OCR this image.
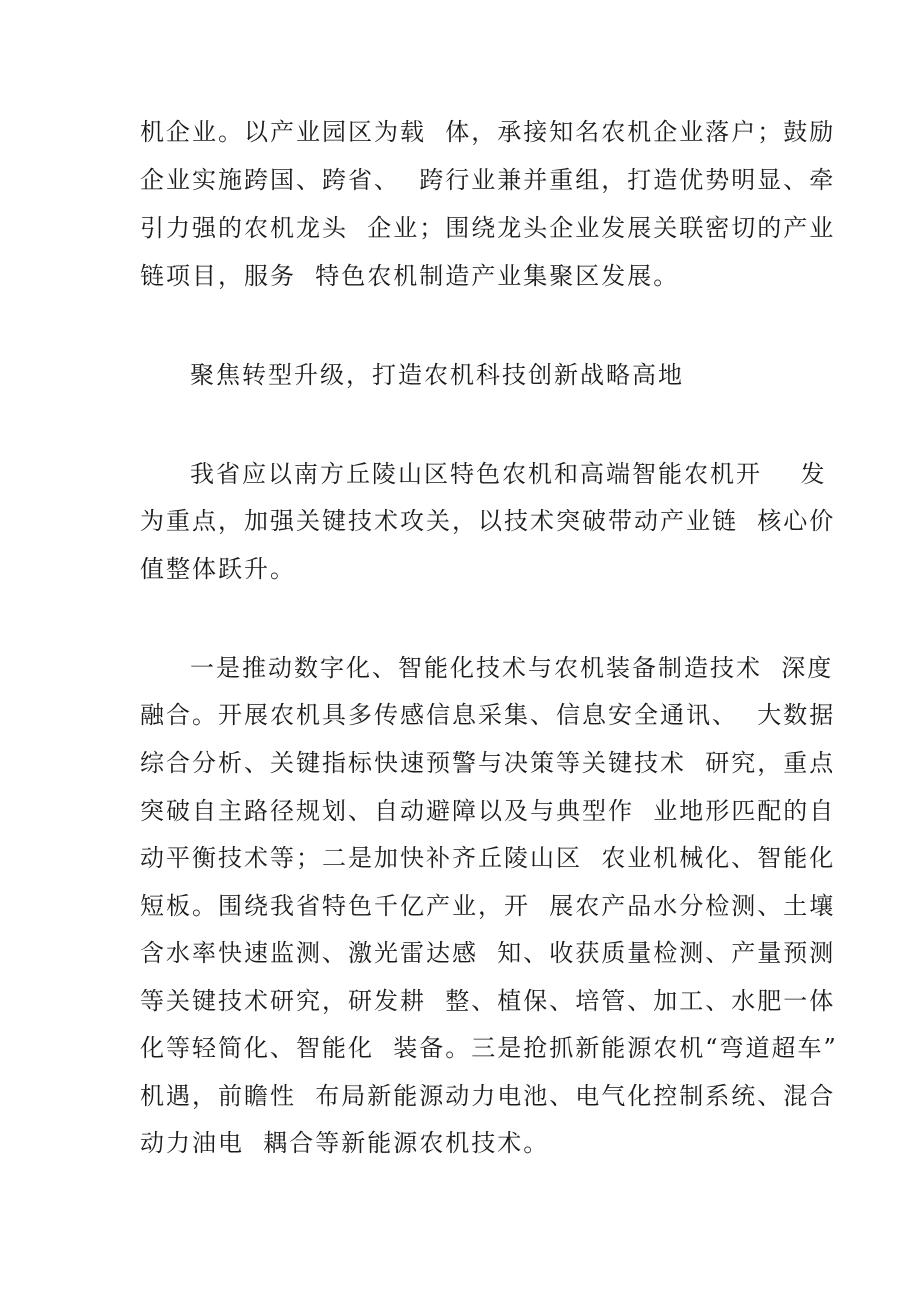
机企业。以产业园区为载  体，承接知名农机企业落户；鼓励
企业实施跨国、跨省、  跨行业兼并重组，打造优势明显、牵
引力强的农机龙头  企业；围绕龙头企业发展关联密切的产业
链项目，服务  特色农机制造产业集聚区发展。
聚焦转型升级，打造农机科技创新战略高地
我省应以南方丘陵山区特色农机和高端智能农机开    发
为重点，加强关键技术攻关，以技术突破带动产业链  核心价
值整体跃升。
一是推动数字化、智能化技术与农机装备制造技术  深度
融合。开展农机具多传感信息采集、信息安全通讯、  大数据
综合分析、关键指标快速预警与决策等关键技术  研究，重点
突破自主路径规划、自动避障以及与典型作  业地形匹配的自
动平衡技术等；二是加快补齐丘陵山区  农业机械化、智能化
短板。围绕我省特色千亿产业，开  展农产品水分检测、土壤
含水率快速监测、激光雷达感  知、收获质量检测、产量预测
等关键技术研究，研发耕  整、植保、培管、加工、水肥一体
化等轻简化、智能化  装备。三是抢抓新能源农机“弯道超车”
机遇，前瞻性  布局新能源动力电池、电气化控制系统、混合
动力油电  耦合等新能源农机技术。
